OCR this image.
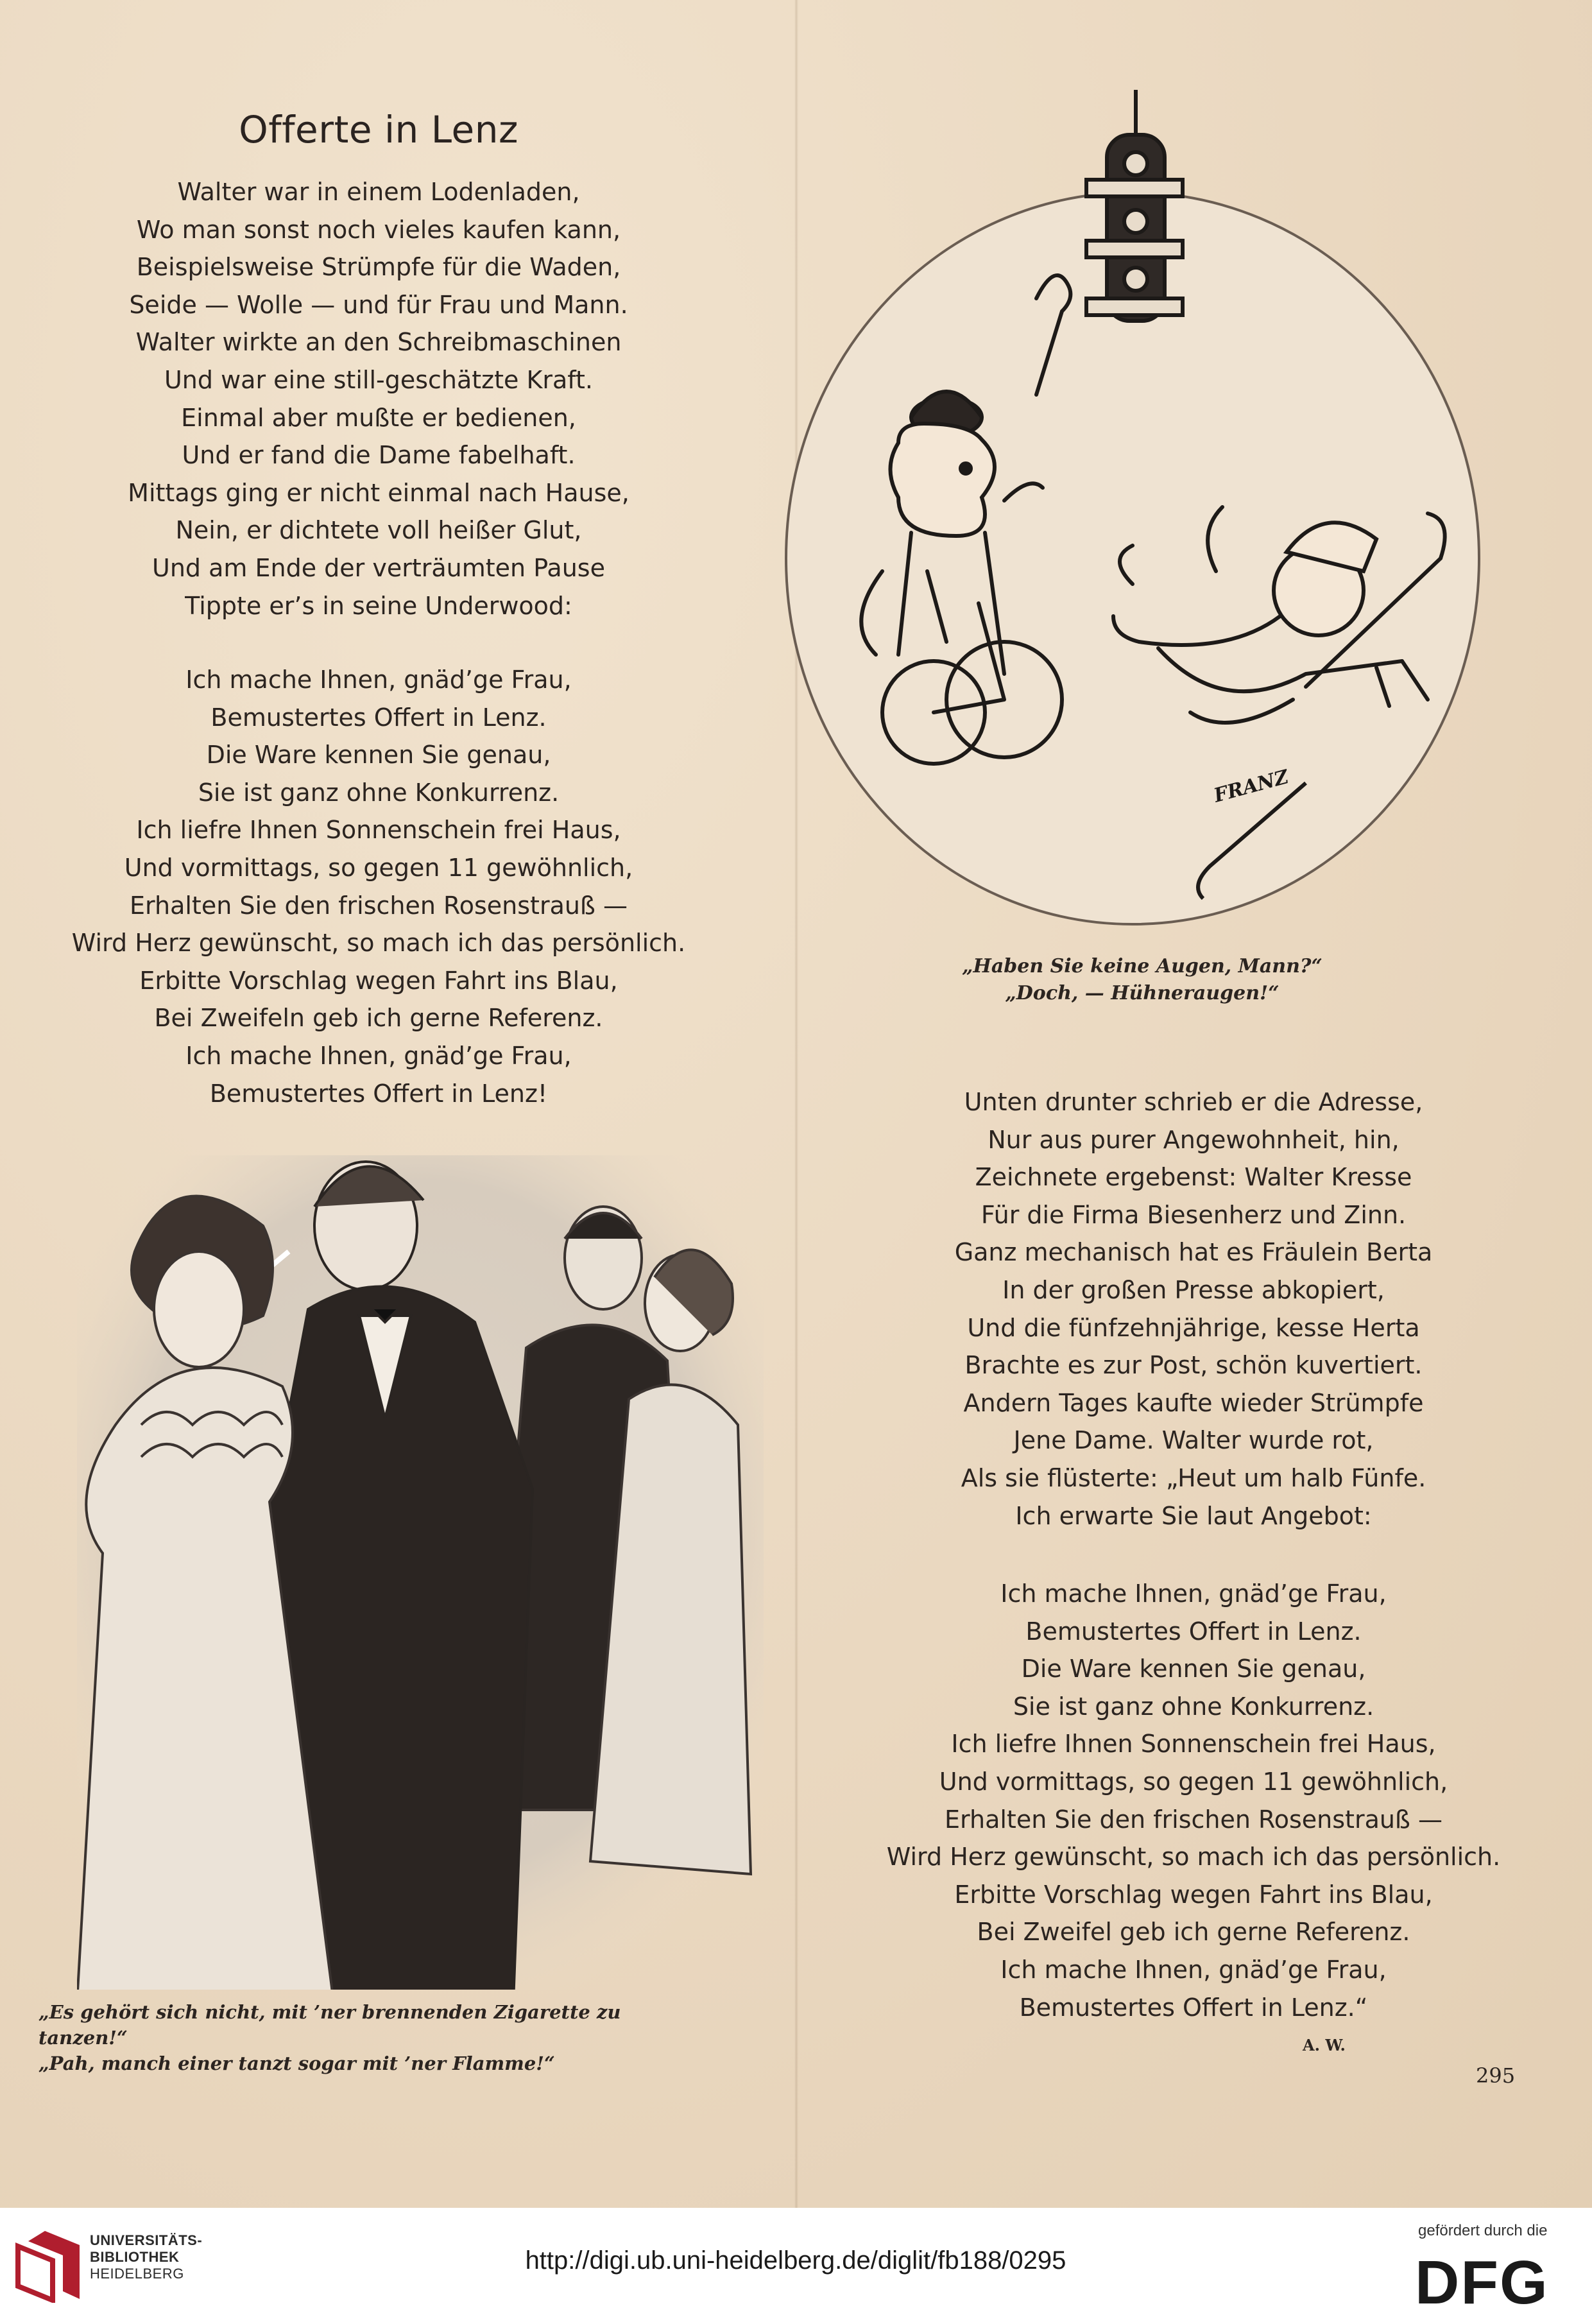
Offerte in Lenz
Walter war in einem Lodenladen,
Wo man sonst noch vieles kaufen kann,
Beispielsweise Strümpfe für die Waden,
Seide — Wolle — und für Frau und Mann.
Walter wirkte an den Schreibmaschinen
Und war eine still-geschätzte Kraft.
Einmal aber mußte er bedienen,
Und er fand die Dame fabelhaft.
Mittags ging er nicht einmal nach Hause,
Nein, er dichtete voll heißer Glut,
Und am Ende der verträumten Pause
Tippte er’s in seine Underwood:
Ich mache Ihnen, gnäd’ge Frau,
Bemustertes Offert in Lenz.
Die Ware kennen Sie genau,
Sie ist ganz ohne Konkurrenz.
Ich liefre Ihnen Sonnenschein frei Haus,
Und vormittags, so gegen 11 gewöhnlich,
Erhalten Sie den frischen Rosenstrauß —
Wird Herz gewünscht, so mach ich das persönlich.
Erbitte Vorschlag wegen Fahrt ins Blau,
Bei Zweifeln geb ich gerne Referenz.
Ich mache Ihnen, gnäd’ge Frau,
Bemustertes Offert in Lenz!
FRANZ
„Haben Sie keine Augen, Mann?“
„Doch, — Hühneraugen!“
Unten drunter schrieb er die Adresse,
Nur aus purer Angewohnheit, hin,
Zeichnete ergebenst: Walter Kresse
Für die Firma Biesenherz und Zinn.
Ganz mechanisch hat es Fräulein Berta
In der großen Presse abkopiert,
Und die fünfzehnjährige, kesse Herta
Brachte es zur Post, schön kuvertiert.
Andern Tages kaufte wieder Strümpfe
Jene Dame. Walter wurde rot,
Als sie flüsterte: „Heut um halb Fünfe.
Ich erwarte Sie laut Angebot:
Ich mache Ihnen, gnäd’ge Frau,
Bemustertes Offert in Lenz.
Die Ware kennen Sie genau,
Sie ist ganz ohne Konkurrenz.
Ich liefre Ihnen Sonnenschein frei Haus,
Und vormittags, so gegen 11 gewöhnlich,
Erhalten Sie den frischen Rosenstrauß —
Wird Herz gewünscht, so mach ich das persönlich.
Erbitte Vorschlag wegen Fahrt ins Blau,
Bei Zweifel geb ich gerne Referenz.
Ich mache Ihnen, gnäd’ge Frau,
Bemustertes Offert in Lenz.“
„Es gehört sich nicht, mit ’ner brennenden Zigarette zu tanzen!“
„Pah, manch einer tanzt sogar mit ’ner Flamme!“
A. W.
295
UNIVERSITÄTS-
BIBLIOTHEK
HEIDELBERG	http://digi.ub.uni-heidelberg.de/diglit/fb188/0295
gefördert durch die
DFG
